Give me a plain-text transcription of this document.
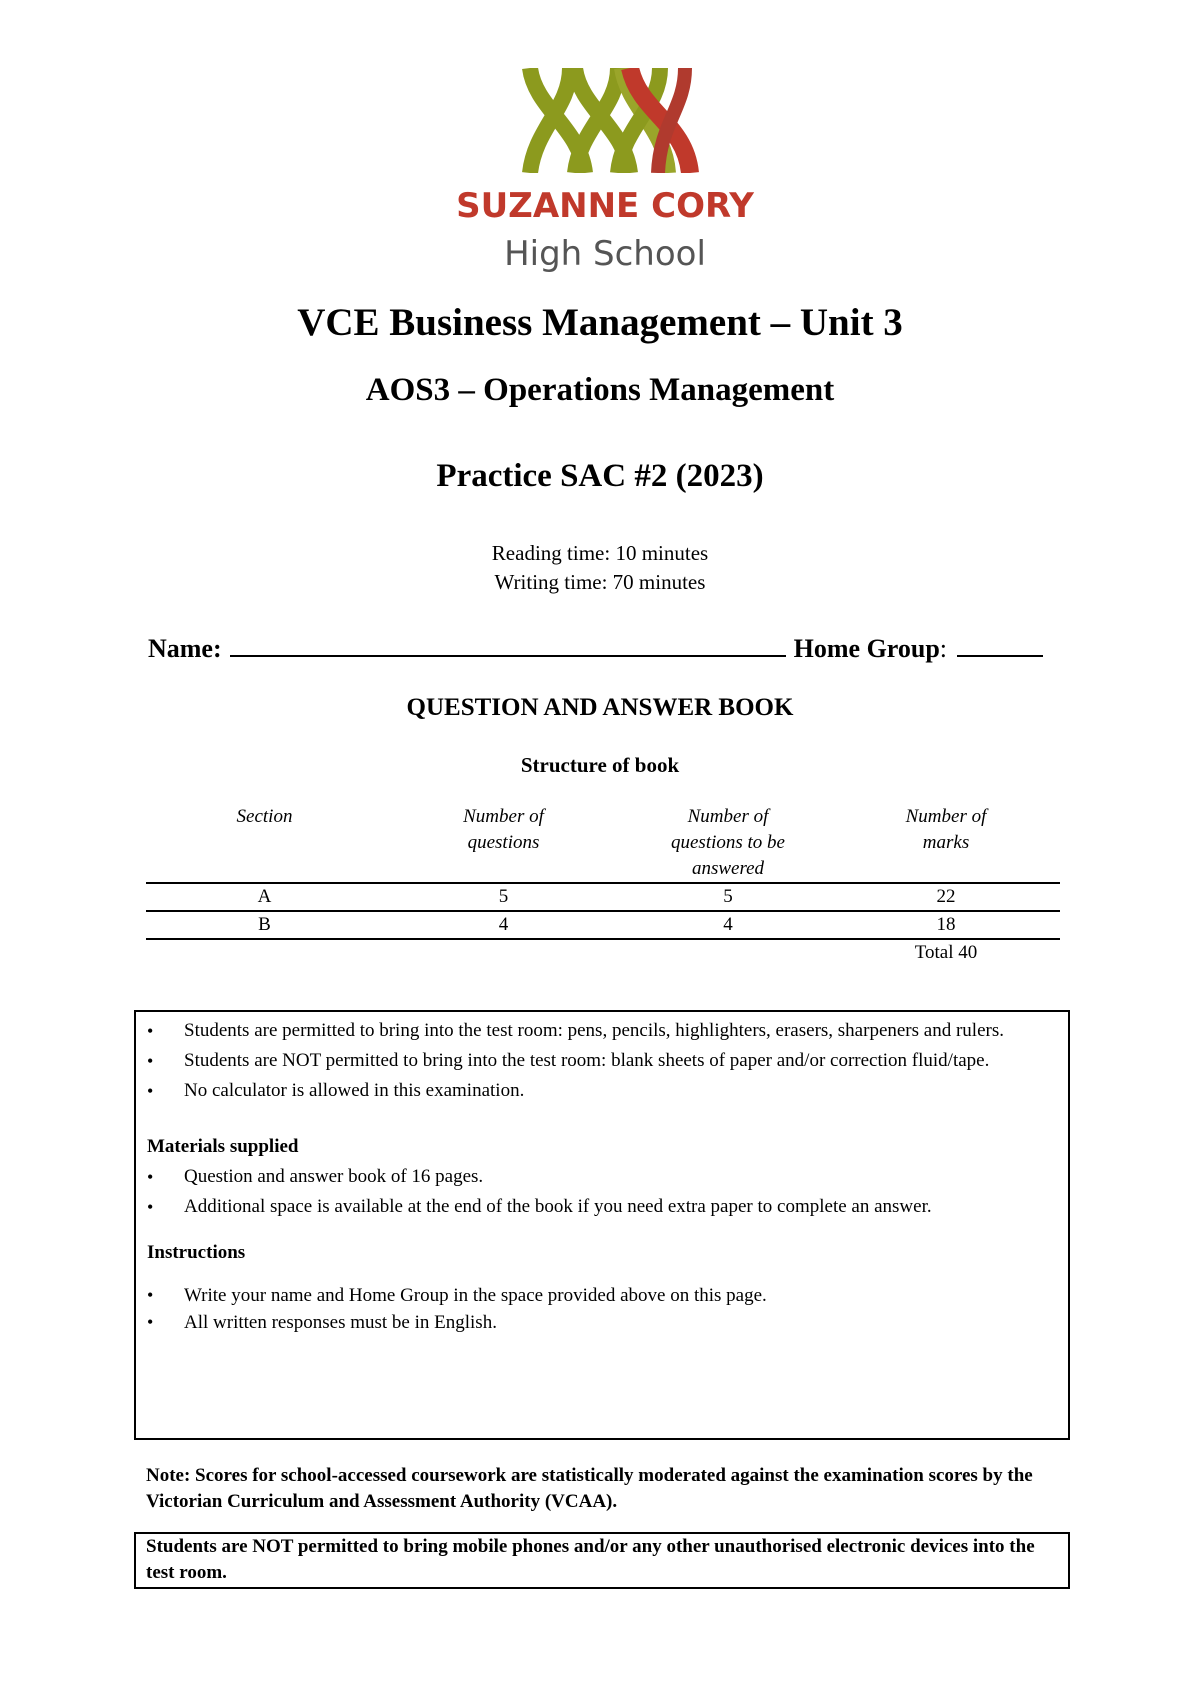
SUZANNE CORY
High School
VCE Business Management – Unit 3
AOS3 – Operations Management
Practice SAC #2 (2023)
Reading time: 10 minutes
Writing time: 70 minutes
Name:	Home Group :
QUESTION AND ANSWER BOOK
Structure of book
Section	Number of questions	Number of questions to be answered	Number of marks

A	5	5	22
B	4	4	18
			Total 40
• Students are permitted to bring into the test room: pens, pencils, highlighters, erasers, sharpeners and rulers.
• Students are NOT permitted to bring into the test room: blank sheets of paper and/or correction fluid/tape.
• No calculator is allowed in this examination.
Materials supplied
• Question and answer book of 16 pages.
• Additional space is available at the end of the book if you need extra paper to complete an answer.
Instructions
• Write your name and Home Group in the space provided above on this page.
• All written responses must be in English.
Note: Scores for school-accessed coursework are statistically moderated against the examination scores by the Victorian Curriculum and Assessment Authority (VCAA).
Students are NOT permitted to bring mobile phones and/or any other unauthorised electronic devices into the test room.
